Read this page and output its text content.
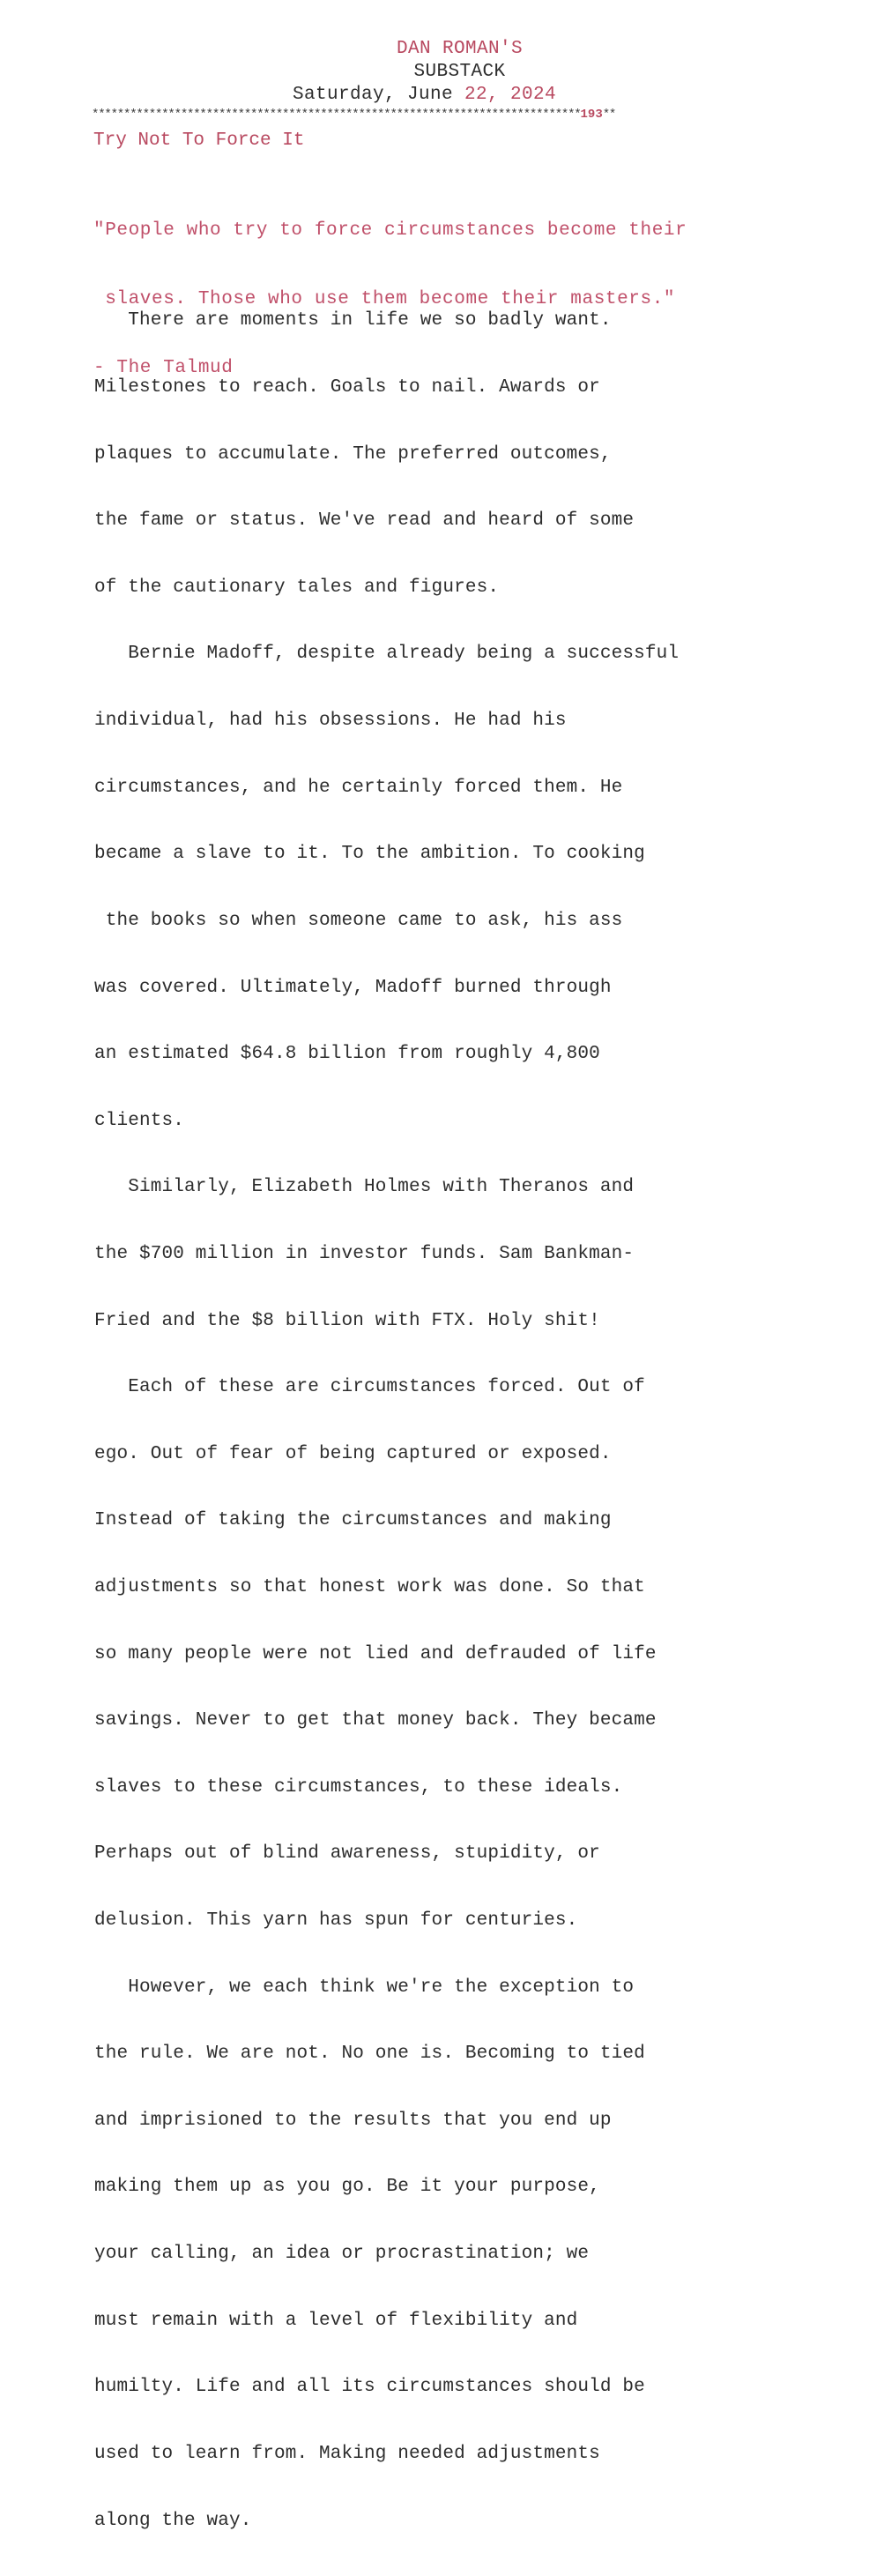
DAN ROMAN'S
SUBSTACK
Saturday, June 22, 2024
*****************************************************************************193**
Try Not To Force It

"People who try to force circumstances become their

slaves. Those who use them become their masters."

- The Talmud

There are moments in life we so badly want.

Milestones to reach. Goals to nail. Awards or

plaques to accumulate. The preferred outcomes,

the fame or status. We've read and heard of some

of the cautionary tales and figures.

Bernie Madoff, despite already being a successful

individual, had his obsessions. He had his

circumstances, and he certainly forced them. He

became a slave to it. To the ambition. To cooking

the books so when someone came to ask, his ass

was covered. Ultimately, Madoff burned through

an estimated $64.8 billion from roughly 4,800

clients.

Similarly, Elizabeth Holmes with Theranos and

the $700 million in investor funds. Sam Bankman-

Fried and the $8 billion with FTX. Holy shit!

Each of these are circumstances forced. Out of

ego. Out of fear of being captured or exposed.

Instead of taking the circumstances and making

adjustments so that honest work was done. So that

so many people were not lied and defrauded of life

savings. Never to get that money back. They became

slaves to these circumstances, to these ideals.

Perhaps out of blind awareness, stupidity, or

delusion. This yarn has spun for centuries.

However, we each think we're the exception to

the rule. We are not. No one is. Becoming to tied

and imprisioned to the results that you end up

making them up as you go. Be it your purpose,

your calling, an idea or procrastination; we

must remain with a level of flexibility and

humilty. Life and all its circumstances should be

used to learn from. Making needed adjustments

along the way.
